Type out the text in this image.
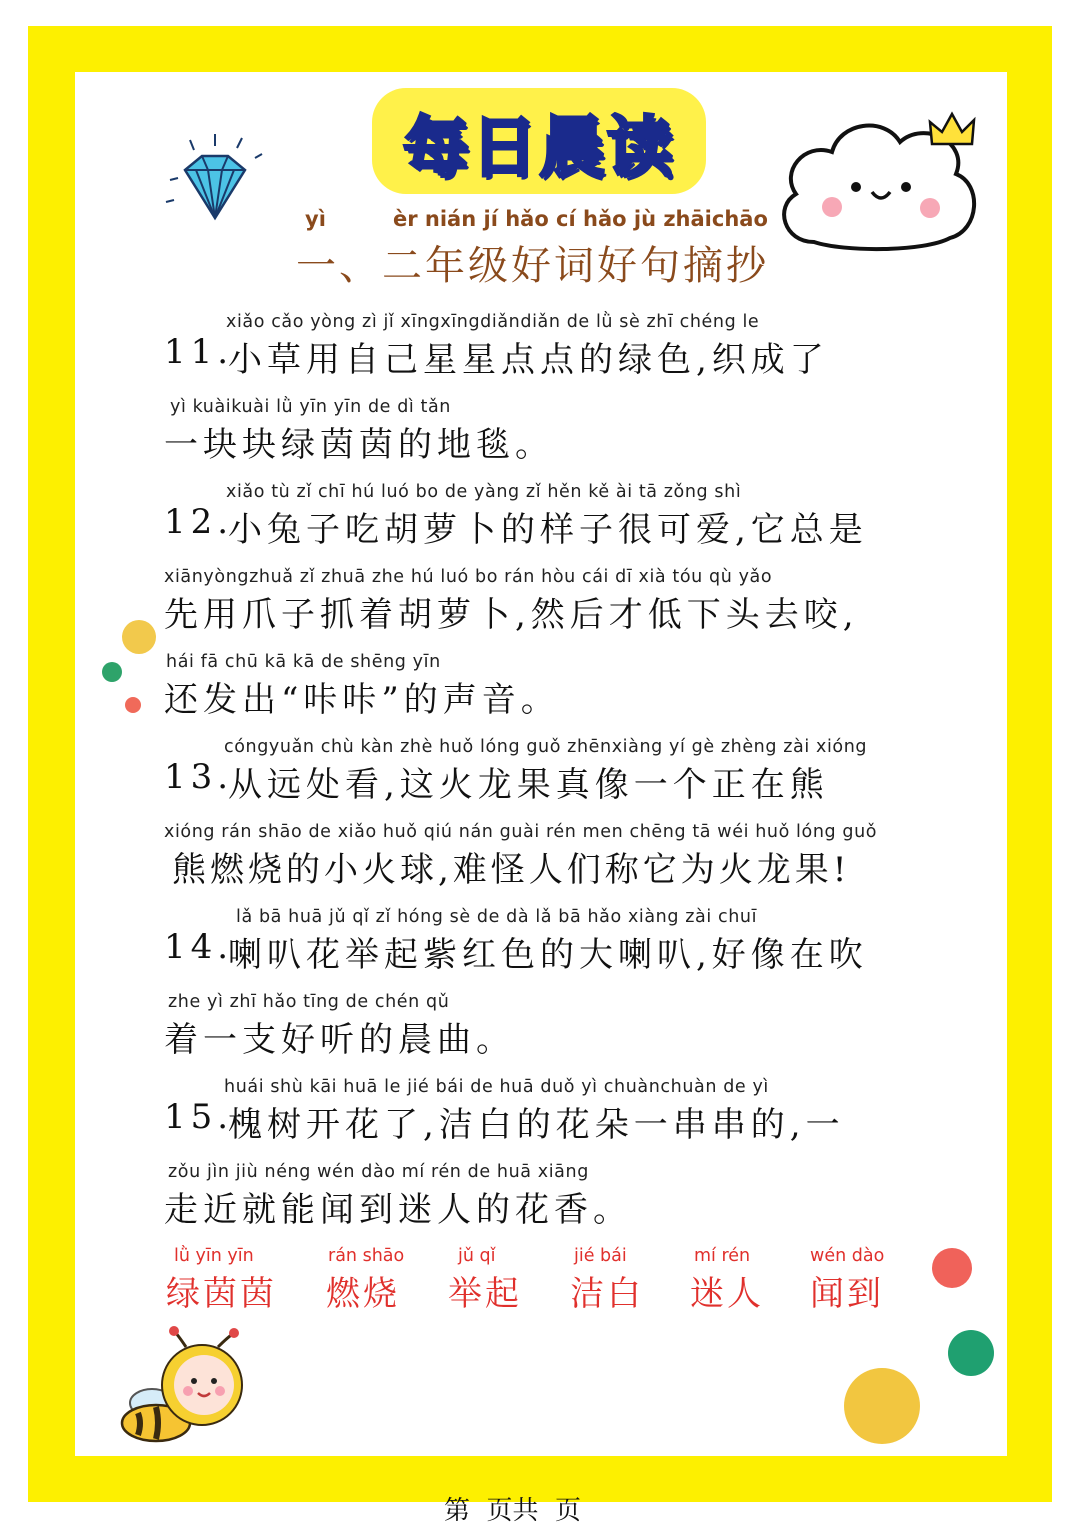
每日晨读
yì	èr nián jí hǎo cí hǎo jù zhāichāo
一、二年级好词好句摘抄
xiǎo cǎo yòng zì jǐ xīngxīngdiǎndiǎn de lǜ sè zhī chéng le
11.
小草用自己星星点点的绿色,织成了
yì kuàikuài lǜ yīn yīn de dì tǎn
一块块绿茵茵的地毯。
xiǎo tù zǐ chī hú luó bo de yàng zǐ hěn kě ài tā zǒng shì
12.
小兔子吃胡萝卜的样子很可爱,它总是
xiānyòngzhuǎ zǐ zhuā zhe hú luó bo rán hòu cái dī xià tóu qù yǎo
先用爪子抓着胡萝卜,然后才低下头去咬,
hái fā chū kā kā de shēng yīn
还发出“咔咔”的声音。
cóngyuǎn chù kàn zhè huǒ lóng guǒ zhēnxiàng yí gè zhèng zài xióng
13.
从远处看,这火龙果真像一个正在熊
xióng rán shāo de xiǎo huǒ qiú nán guài rén men chēng tā wéi huǒ lóng guǒ
熊燃烧的小火球,难怪人们称它为火龙果!
lǎ bā huā jǔ qǐ zǐ hóng sè de dà lǎ bā hǎo xiàng zài chuī
14.
喇叭花举起紫红色的大喇叭,好像在吹
zhe yì zhī hǎo tīng de chén qǔ
着一支好听的晨曲。
huái shù kāi huā le jié bái de huā duǒ yì chuànchuàn de yì
15.
槐树开花了,洁白的花朵一串串的,一
zǒu jìn jiù néng wén dào mí rén de huā xiāng
走近就能闻到迷人的花香。
lǜ yīn yīn
绿茵茵
rán shāo
燃烧
jǔ qǐ
举起
jié bái
洁白
mí rén
迷人
wén dào
闻到
第  页共  页
